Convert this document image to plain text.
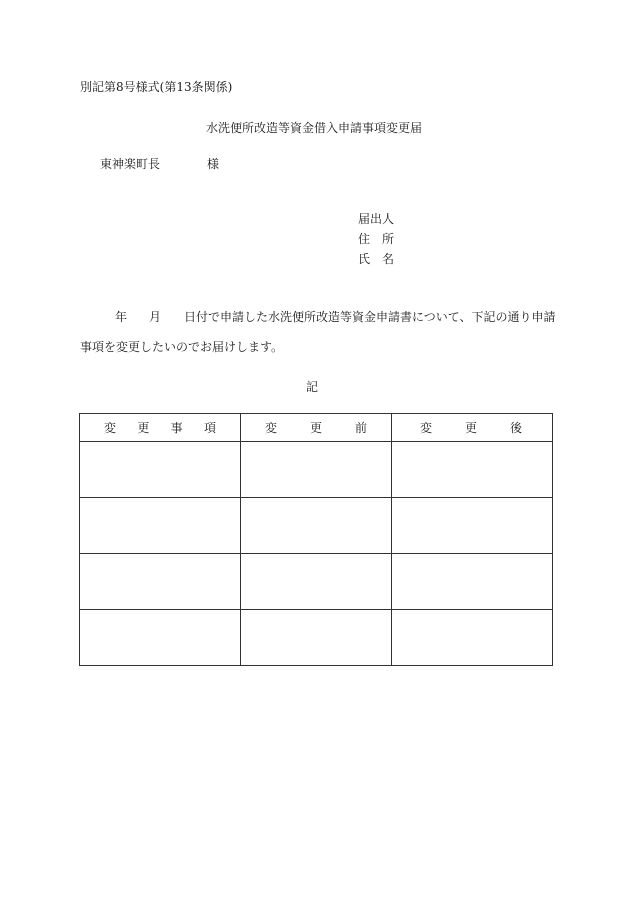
別記第8号様式(第13条関係)
水洗便所改造等資金借入申請事項変更届
東神楽町長	様
届出人
住　所
氏　名
年 月 日付で申請した水洗便所改造等資金申請書について、下記の通り申請
事項を変更したいのでお届けします。
記
変 更 事 項	変 更 前	変 更 後
